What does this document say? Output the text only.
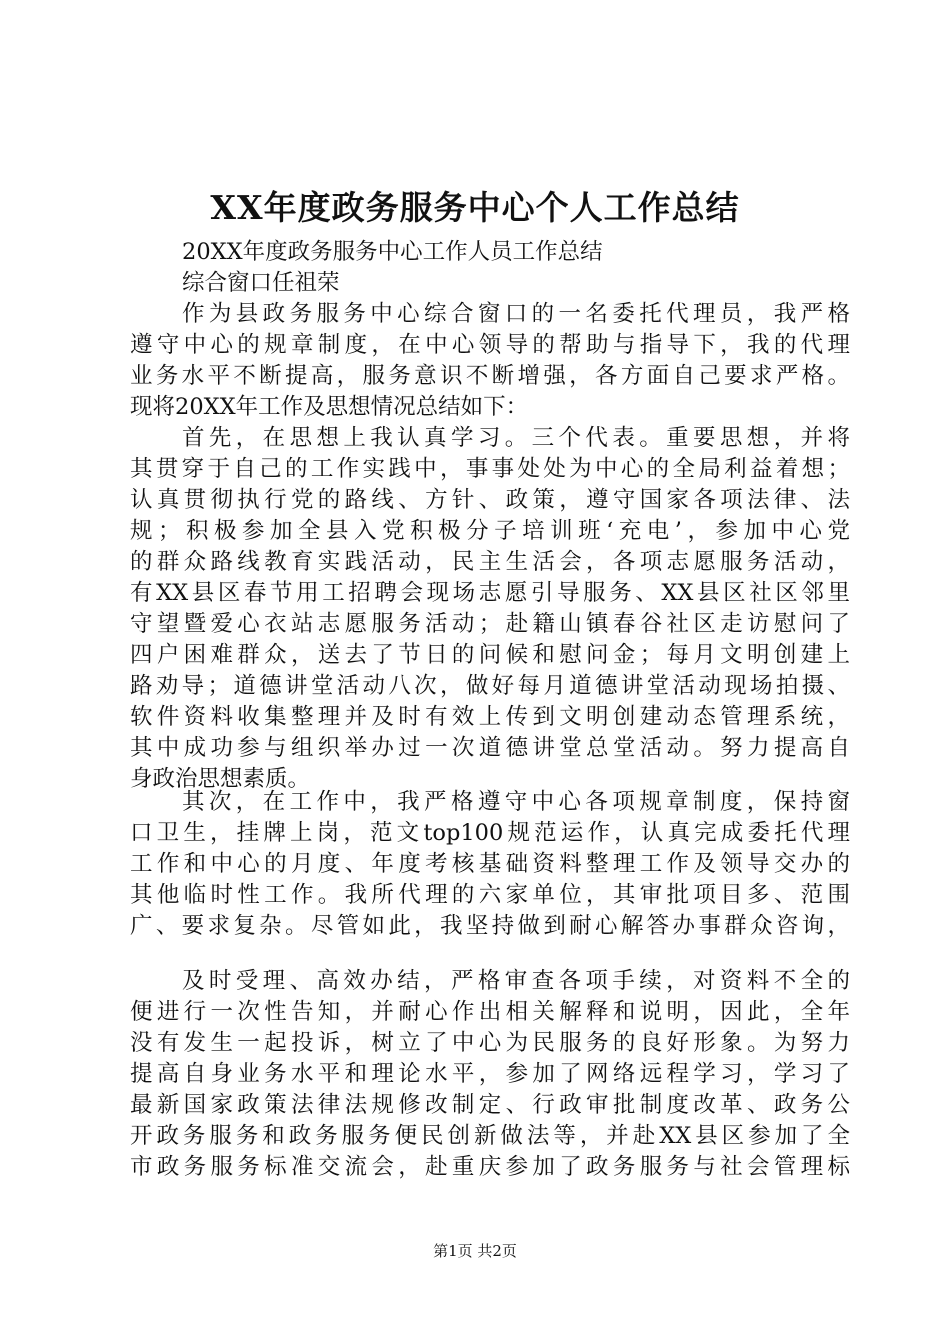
XX年度政务服务中心个人工作总结
20XX年度政务服务中心工作人员工作总结
综合窗口任祖荣
作为县政务服务中心综合窗口的一名委托代理员，我严格
遵守中心的规章制度，在中心领导的帮助与指导下，我的代理
业务水平不断提高，服务意识不断增强，各方面自己要求严格。
现将20XX年工作及思想情况总结如下：
首先，在思想上我认真学习。三个代表。重要思想，并将
其贯穿于自己的工作实践中，事事处处为中心的全局利益着想；
认真贯彻执行党的路线、方针、政策，遵守国家各项法律、法
规；积极参加全县入党积极分子培训班‘充电’，参加中心党
的群众路线教育实践活动，民主生活会，各项志愿服务活动，
有XX县区春节用工招聘会现场志愿引导服务、XX县区社区邻里
守望暨爱心衣站志愿服务活动；赴籍山镇春谷社区走访慰问了
四户困难群众，送去了节日的问候和慰问金；每月文明创建上
路劝导；道德讲堂活动八次，做好每月道德讲堂活动现场拍摄、
软件资料收集整理并及时有效上传到文明创建动态管理系统，
其中成功参与组织举办过一次道德讲堂总堂活动。努力提高自
身政治思想素质。
其次，在工作中，我严格遵守中心各项规章制度，保持窗
口卫生，挂牌上岗，范文top100规范运作，认真完成委托代理
工作和中心的月度、年度考核基础资料整理工作及领导交办的
其他临时性工作。我所代理的六家单位，其审批项目多、范围
广、要求复杂。尽管如此，我坚持做到耐心解答办事群众咨询，
及时受理、高效办结，严格审查各项手续，对资料不全的
便进行一次性告知，并耐心作出相关解释和说明，因此，全年
没有发生一起投诉，树立了中心为民服务的良好形象。为努力
提高自身业务水平和理论水平，参加了网络远程学习，学习了
最新国家政策法律法规修改制定、行政审批制度改革、政务公
开政务服务和政务服务便民创新做法等，并赴XX县区参加了全
市政务服务标准交流会，赴重庆参加了政务服务与社会管理标
第1页 共2页
